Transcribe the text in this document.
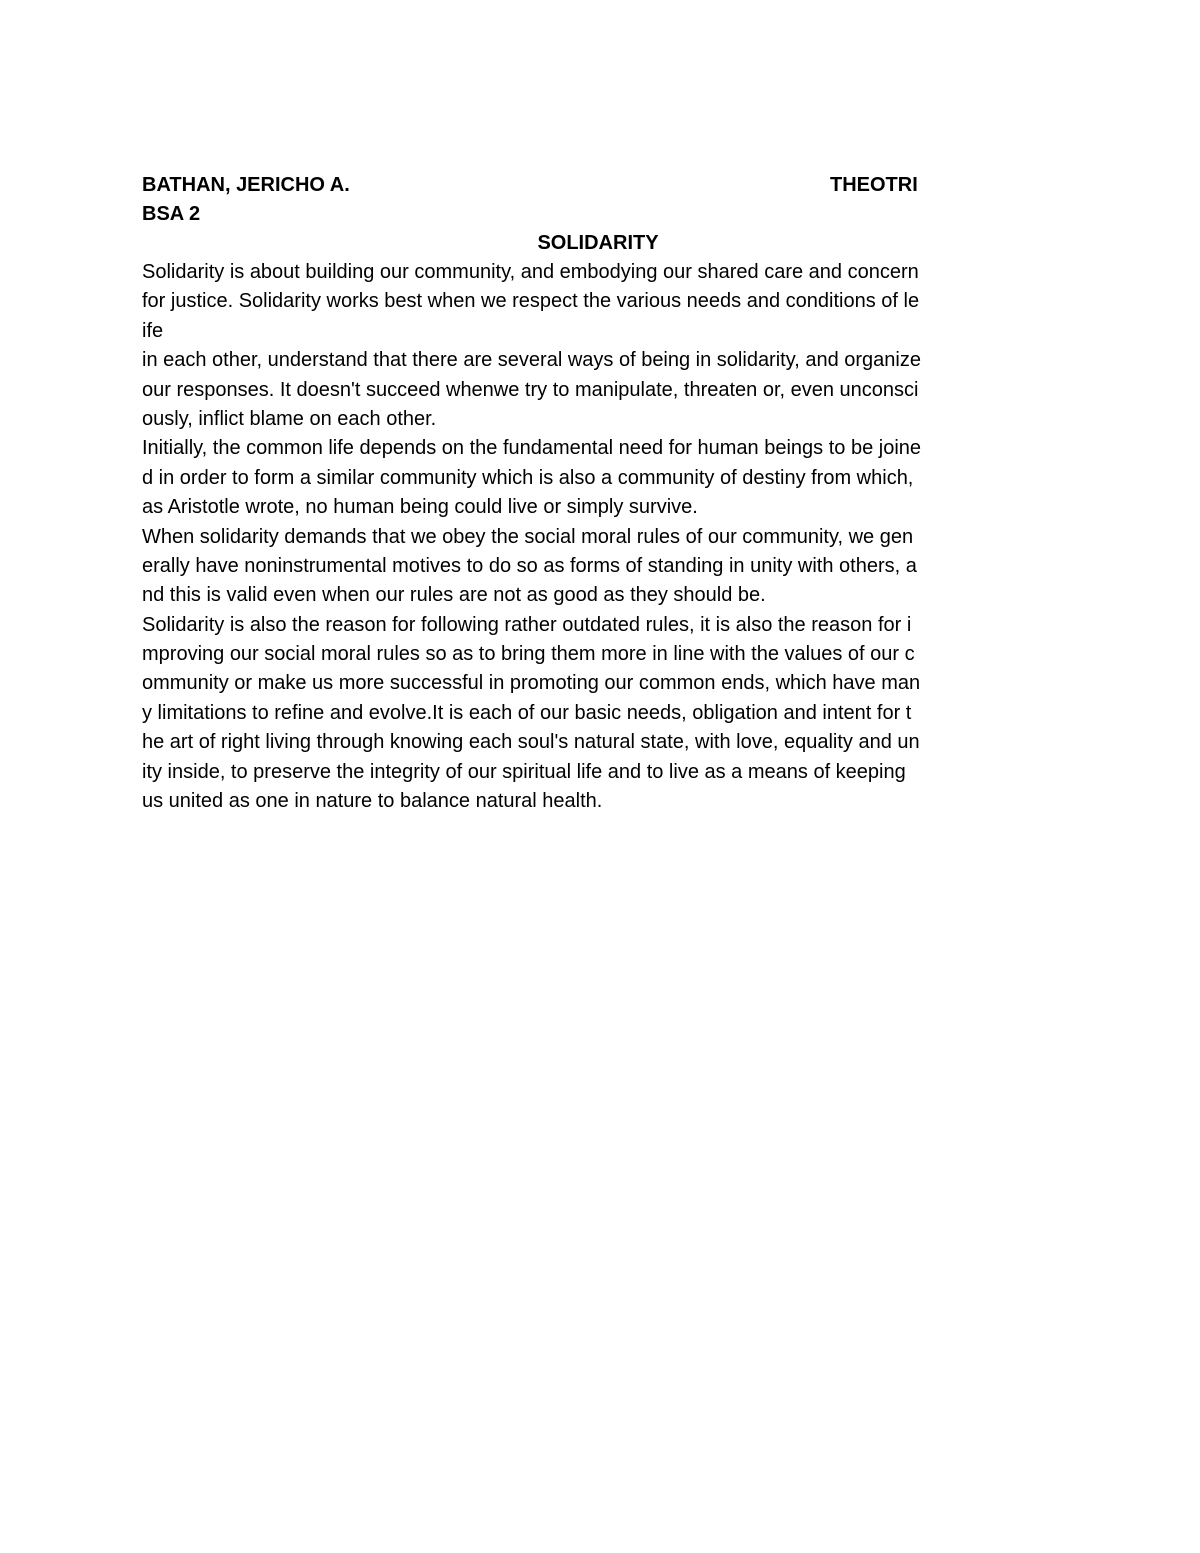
BATHAN, JERICHO A.	THEOTRI
BSA 2
SOLIDARITY
Solidarity is about building our community, and embodying our shared care and concern
for justice. Solidarity works best when we respect the various needs and conditions of le
ife
in each other, understand that there are several ways of being in solidarity, and organize
our responses. It doesn't succeed whenwe try to manipulate, threaten or, even unconsci
ously, inflict blame on each other.
Initially, the common life depends on the fundamental need for human beings to be joine
d in order to form a similar community which is also a community of destiny from which,
as Aristotle wrote, no human being could live or simply survive.
When solidarity demands that we obey the social moral rules of our community, we gen
erally have noninstrumental motives to do so as forms of standing in unity with others, a
nd this is valid even when our rules are not as good as they should be.
Solidarity is also the reason for following rather outdated rules, it is also the reason for i
mproving our social moral rules so as to bring them more in line with the values of our c
ommunity or make us more successful in promoting our common ends, which have man
y limitations to refine and evolve.It is each of our basic needs, obligation and intent for t
he art of right living through knowing each soul's natural state, with love, equality and un
ity inside, to preserve the integrity of our spiritual life and to live as a means of keeping
us united as one in nature to balance natural health.
